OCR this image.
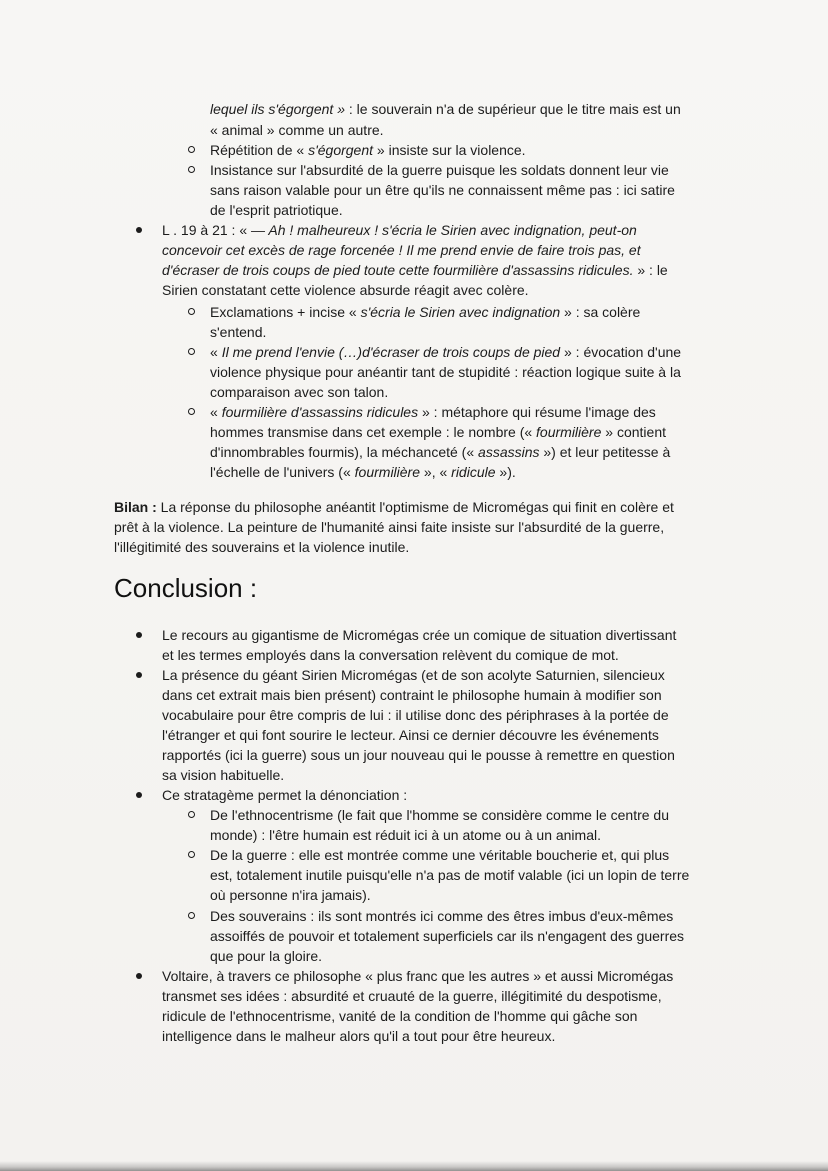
lequel ils s'égorgent » : le souverain n'a de supérieur que le titre mais est un
« animal » comme un autre.
Répétition de « s'égorgent » insiste sur la violence.
Insistance sur l'absurdité de la guerre puisque les soldats donnent leur vie
sans raison valable pour un être qu'ils ne connaissent même pas : ici satire
de l'esprit patriotique.
L . 19 à 21 : « — Ah ! malheureux ! s'écria le Sirien avec indignation, peut-on
concevoir cet excès de rage forcenée ! Il me prend envie de faire trois pas, et
d'écraser de trois coups de pied toute cette fourmilière d'assassins ridicules. » : le
Sirien constatant cette violence absurde réagit avec colère.
Exclamations + incise « s'écria le Sirien avec indignation » : sa colère
s'entend.
« Il me prend l'envie (…)d'écraser de trois coups de pied » : évocation d'une
violence physique pour anéantir tant de stupidité : réaction logique suite à la
comparaison avec son talon.
« fourmilière d'assassins ridicules » : métaphore qui résume l'image des
hommes transmise dans cet exemple : le nombre (« fourmilière » contient
d'innombrables fourmis), la méchanceté (« assassins ») et leur petitesse à
l'échelle de l'univers (« fourmilière », « ridicule »).
Bilan : La réponse du philosophe anéantit l'optimisme de Micromégas qui finit en colère et
prêt à la violence. La peinture de l'humanité ainsi faite insiste sur l'absurdité de la guerre,
l'illégitimité des souverains et la violence inutile.
Conclusion :
Le recours au gigantisme de Micromégas crée un comique de situation divertissant
et les termes employés dans la conversation relèvent du comique de mot.
La présence du géant Sirien Micromégas (et de son acolyte Saturnien, silencieux
dans cet extrait mais bien présent) contraint le philosophe humain à modifier son
vocabulaire pour être compris de lui : il utilise donc des périphrases à la portée de
l'étranger et qui font sourire le lecteur. Ainsi ce dernier découvre les événements
rapportés (ici la guerre) sous un jour nouveau qui le pousse à remettre en question
sa vision habituelle.
Ce stratagème permet la dénonciation :
De l'ethnocentrisme (le fait que l'homme se considère comme le centre du
monde) : l'être humain est réduit ici à un atome ou à un animal.
De la guerre : elle est montrée comme une véritable boucherie et, qui plus
est, totalement inutile puisqu'elle n'a pas de motif valable (ici un lopin de terre
où personne n'ira jamais).
Des souverains : ils sont montrés ici comme des êtres imbus d'eux-mêmes
assoiffés de pouvoir et totalement superficiels car ils n'engagent des guerres
que pour la gloire.
Voltaire, à travers ce philosophe « plus franc que les autres » et aussi Micromégas
transmet ses idées : absurdité et cruauté de la guerre, illégitimité du despotisme,
ridicule de l'ethnocentrisme, vanité de la condition de l'homme qui gâche son
intelligence dans le malheur alors qu'il a tout pour être heureux.
